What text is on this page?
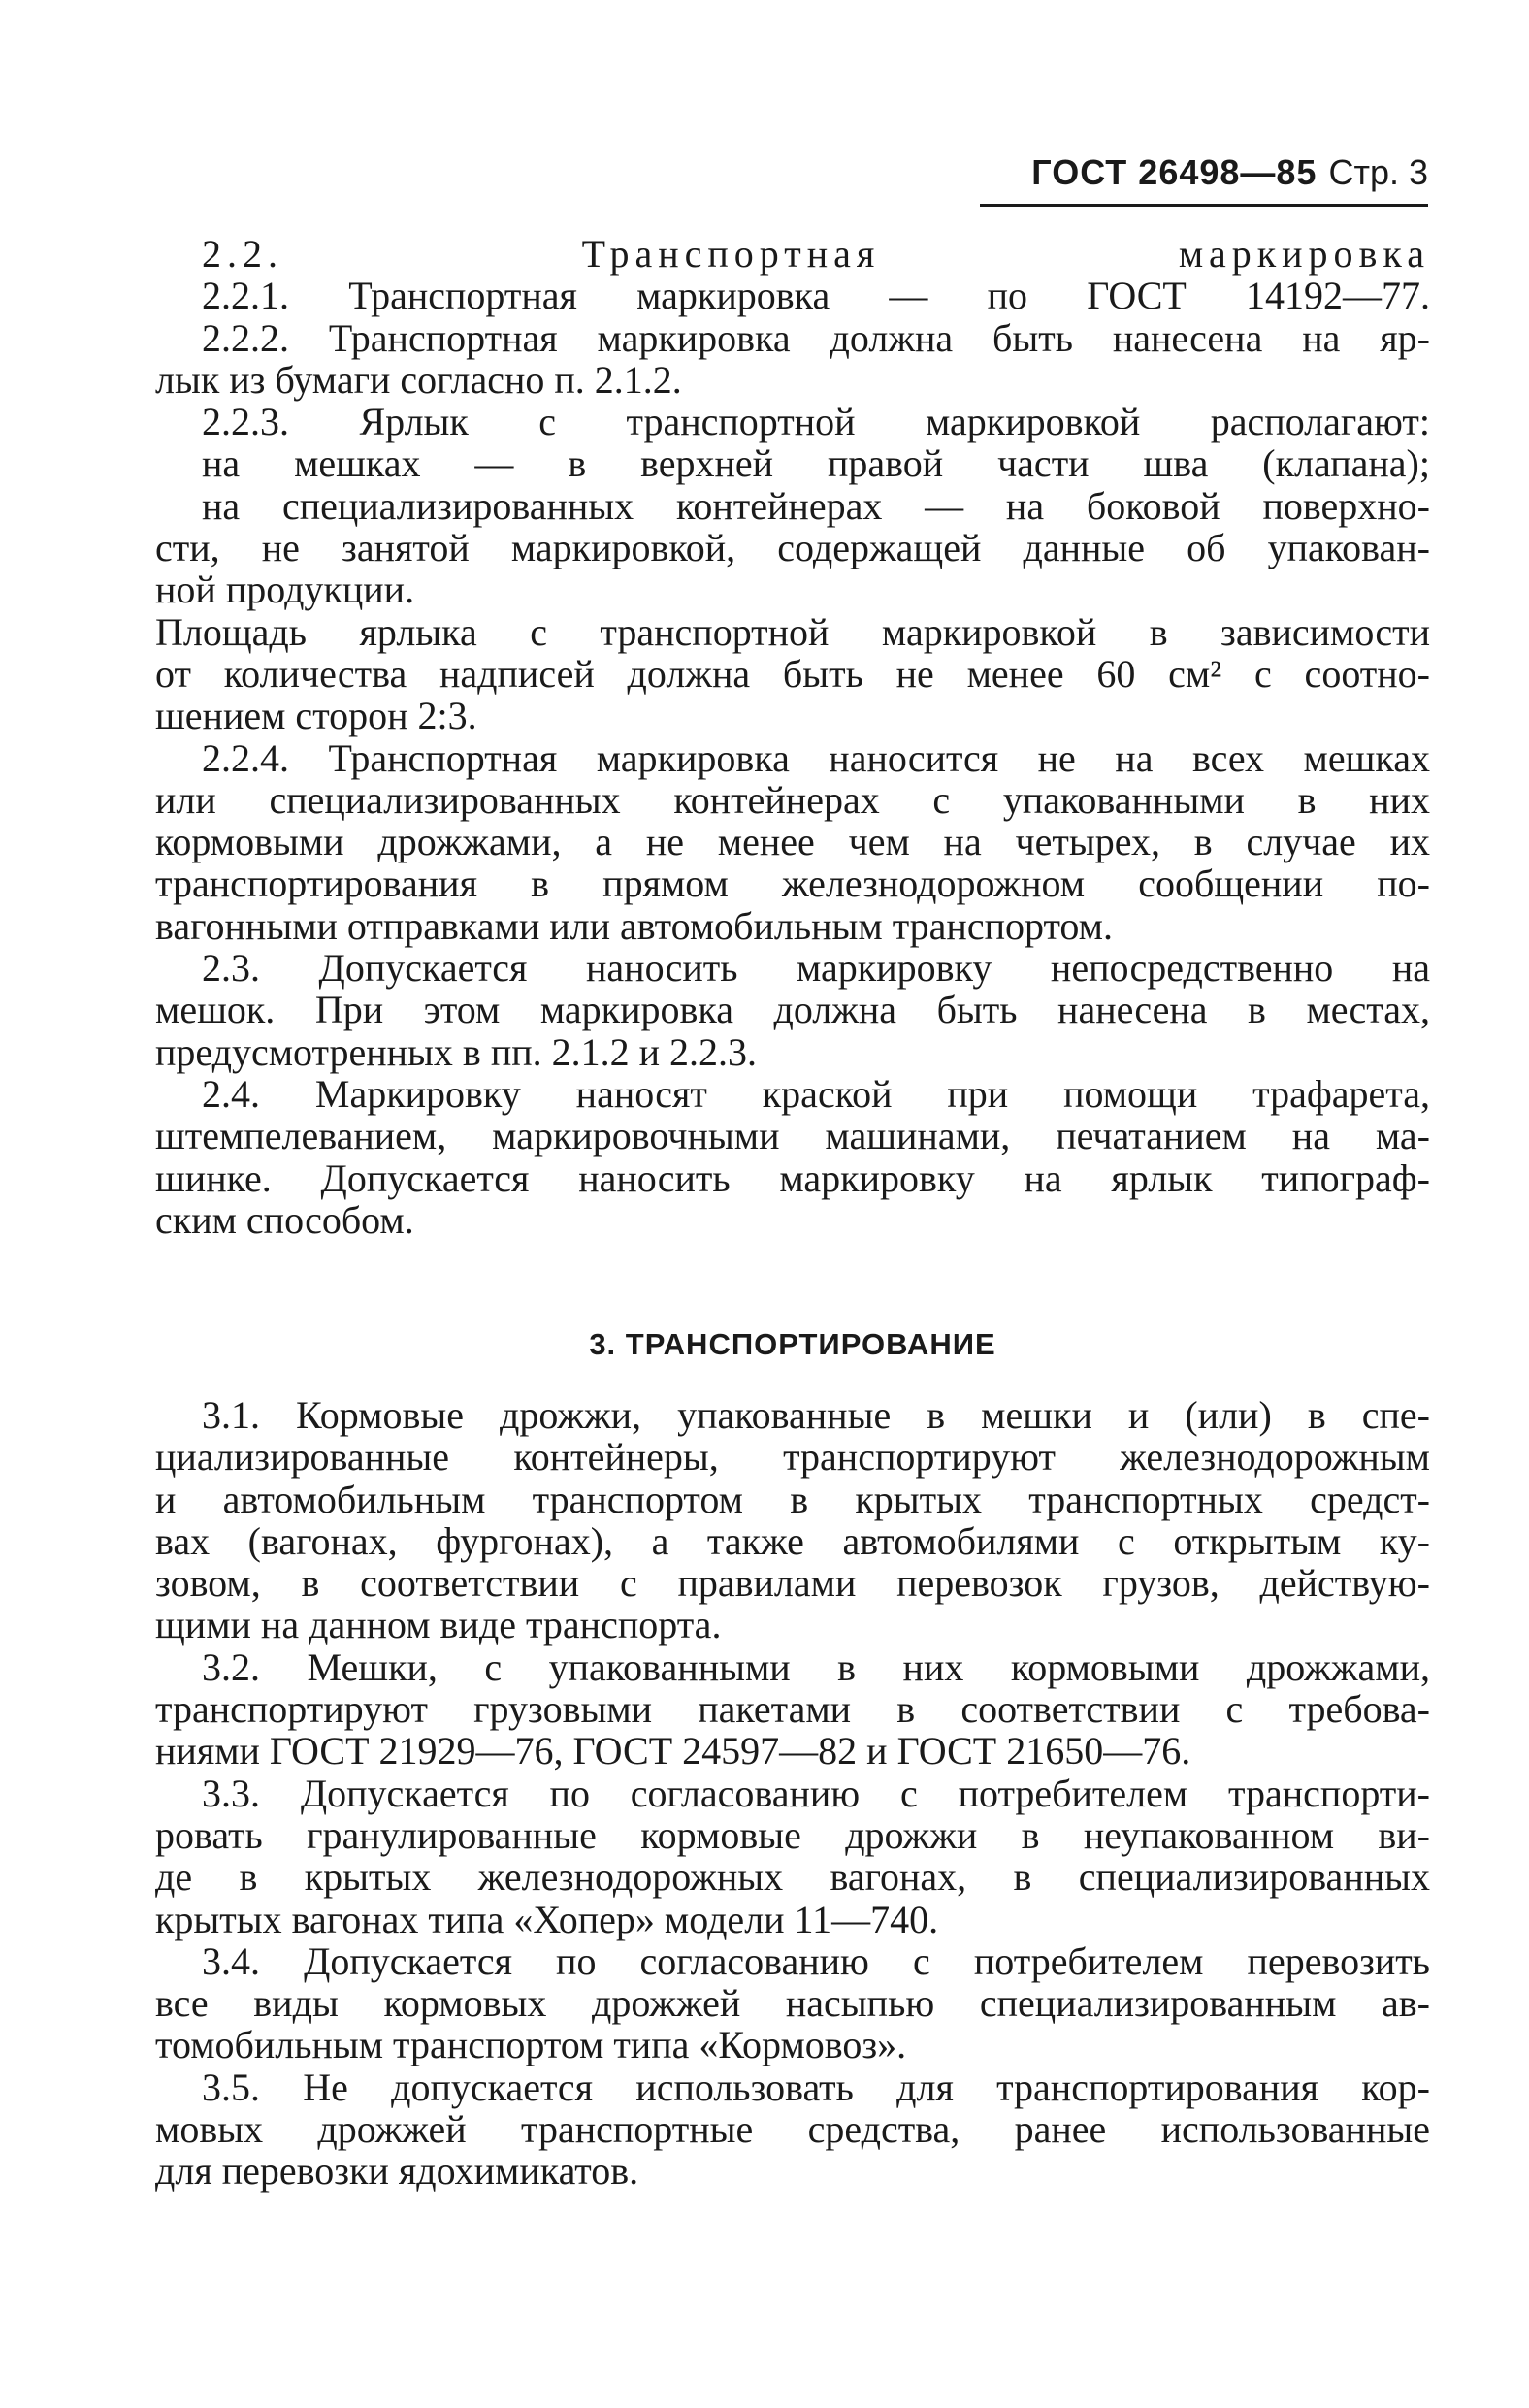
ГОСТ 26498—85 Стр. 3
2.2. Транспортная маркировка
2.2.1. Транспортная маркировка — по ГОСТ 14192—77.
2.2.2. Транспортная маркировка должна быть нанесена на яр-
лык из бумаги согласно п. 2.1.2.
2.2.3. Ярлык с транспортной маркировкой располагают:
на мешках — в верхней правой части шва (клапана);
на специализированных контейнерах — на боковой поверхно-
сти, не занятой маркировкой, содержащей данные об упакован-
ной продукции.
Площадь ярлыка с транспортной маркировкой в зависимости
от количества надписей должна быть не менее 60 см² с соотно-
шением сторон 2:3.
2.2.4. Транспортная маркировка наносится не на всех мешках
или специализированных контейнерах с упакованными в них
кормовыми дрожжами, а не менее чем на четырех, в случае их
транспортирования в прямом железнодорожном сообщении по-
вагонными отправками или автомобильным транспортом.
2.3. Допускается наносить маркировку непосредственно на
мешок. При этом маркировка должна быть нанесена в местах,
предусмотренных в пп. 2.1.2 и 2.2.3.
2.4. Маркировку наносят краской при помощи трафарета,
штемпелеванием, маркировочными машинами, печатанием на ма-
шинке. Допускается наносить маркировку на ярлык типограф-
ским способом.
3. ТРАНСПОРТИРОВАНИЕ
3.1. Кормовые дрожжи, упакованные в мешки и (или) в спе-
циализированные контейнеры, транспортируют железнодорожным
и автомобильным транспортом в крытых транспортных средст-
вах (вагонах, фургонах), а также автомобилями с открытым ку-
зовом, в соответствии с правилами перевозок грузов, действую-
щими на данном виде транспорта.
3.2. Мешки, с упакованными в них кормовыми дрожжами,
транспортируют грузовыми пакетами в соответствии с требова-
ниями ГОСТ 21929—76, ГОСТ 24597—82 и ГОСТ 21650—76.
3.3. Допускается по согласованию с потребителем транспорти-
ровать гранулированные кормовые дрожжи в неупакованном ви-
де в крытых железнодорожных вагонах, в специализированных
крытых вагонах типа «Хопер» модели 11—740.
3.4. Допускается по согласованию с потребителем перевозить
все виды кормовых дрожжей насыпью специализированным ав-
томобильным транспортом типа «Кормовоз».
3.5. Не допускается использовать для транспортирования кор-
мовых дрожжей транспортные средства, ранее использованные
для перевозки ядохимикатов.
